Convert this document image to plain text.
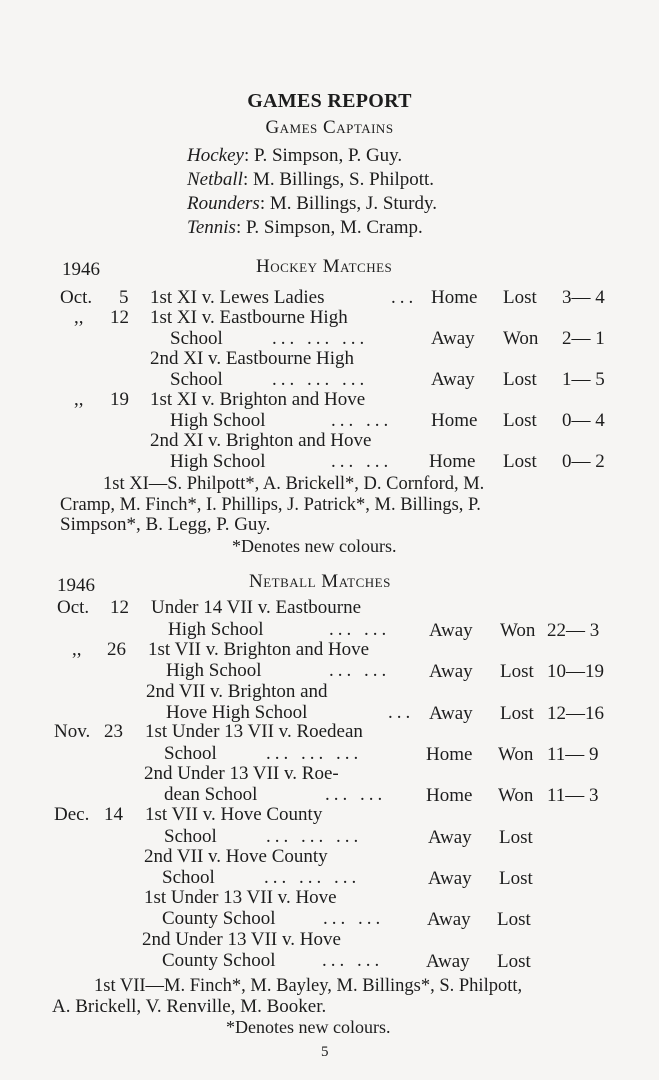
GAMES REPORT
Games Captains
Hockey: P. Simpson, P. Guy.
Netball: M. Billings, S. Philpott.
Rounders: M. Billings, J. Sturdy.
Tennis: P. Simpson, M. Cramp.
1946	Hockey Matches
Oct. 5 1st XI v. Lewes Ladies	... Home Lost 3— 4
,, 12 1st XI v. Eastbourne High
School	... ... ...	Away Won 2— 1
2nd XI v. Eastbourne High
School	... ... ...	Away Lost 1— 5
,, 19 1st XI v. Brighton and Hove
High School	... ... Home Lost 0— 4
2nd XI v. Brighton and Hove
High School	... ... Home Lost 0— 2
1st XI—S. Philpott*, A. Brickell*, D. Cornford, M.
Cramp, M. Finch*, I. Phillips, J. Patrick*, M. Billings, P.
Simpson*, B. Legg, P. Guy.
*Denotes new colours.
1946	Netball Matches
Oct. 12 Under 14 VII v. Eastbourne
High School	... ... Away Won 22— 3
,, 26 1st VII v. Brighton and Hove
High School	... ... Away Lost 10—19
2nd VII v. Brighton and
Hove High School	... Away Lost 12—16
Nov. 23 1st Under 13 VII v. Roedean
School	... ... ...	Home Won 11— 9
2nd Under 13 VII v. Roe-
dean School	... ... Home Won 11— 3
Dec. 14 1st VII v. Hove County
School	... ... ...	Away Lost
2nd VII v. Hove County
School	... ... ...	Away Lost
1st Under 13 VII v. Hove
County School	... ... Away Lost
2nd Under 13 VII v. Hove
County School ... ... Away Lost
1st VII—M. Finch*, M. Bayley, M. Billings*, S. Philpott,
A. Brickell, V. Renville, M. Booker.
*Denotes new colours.
5
